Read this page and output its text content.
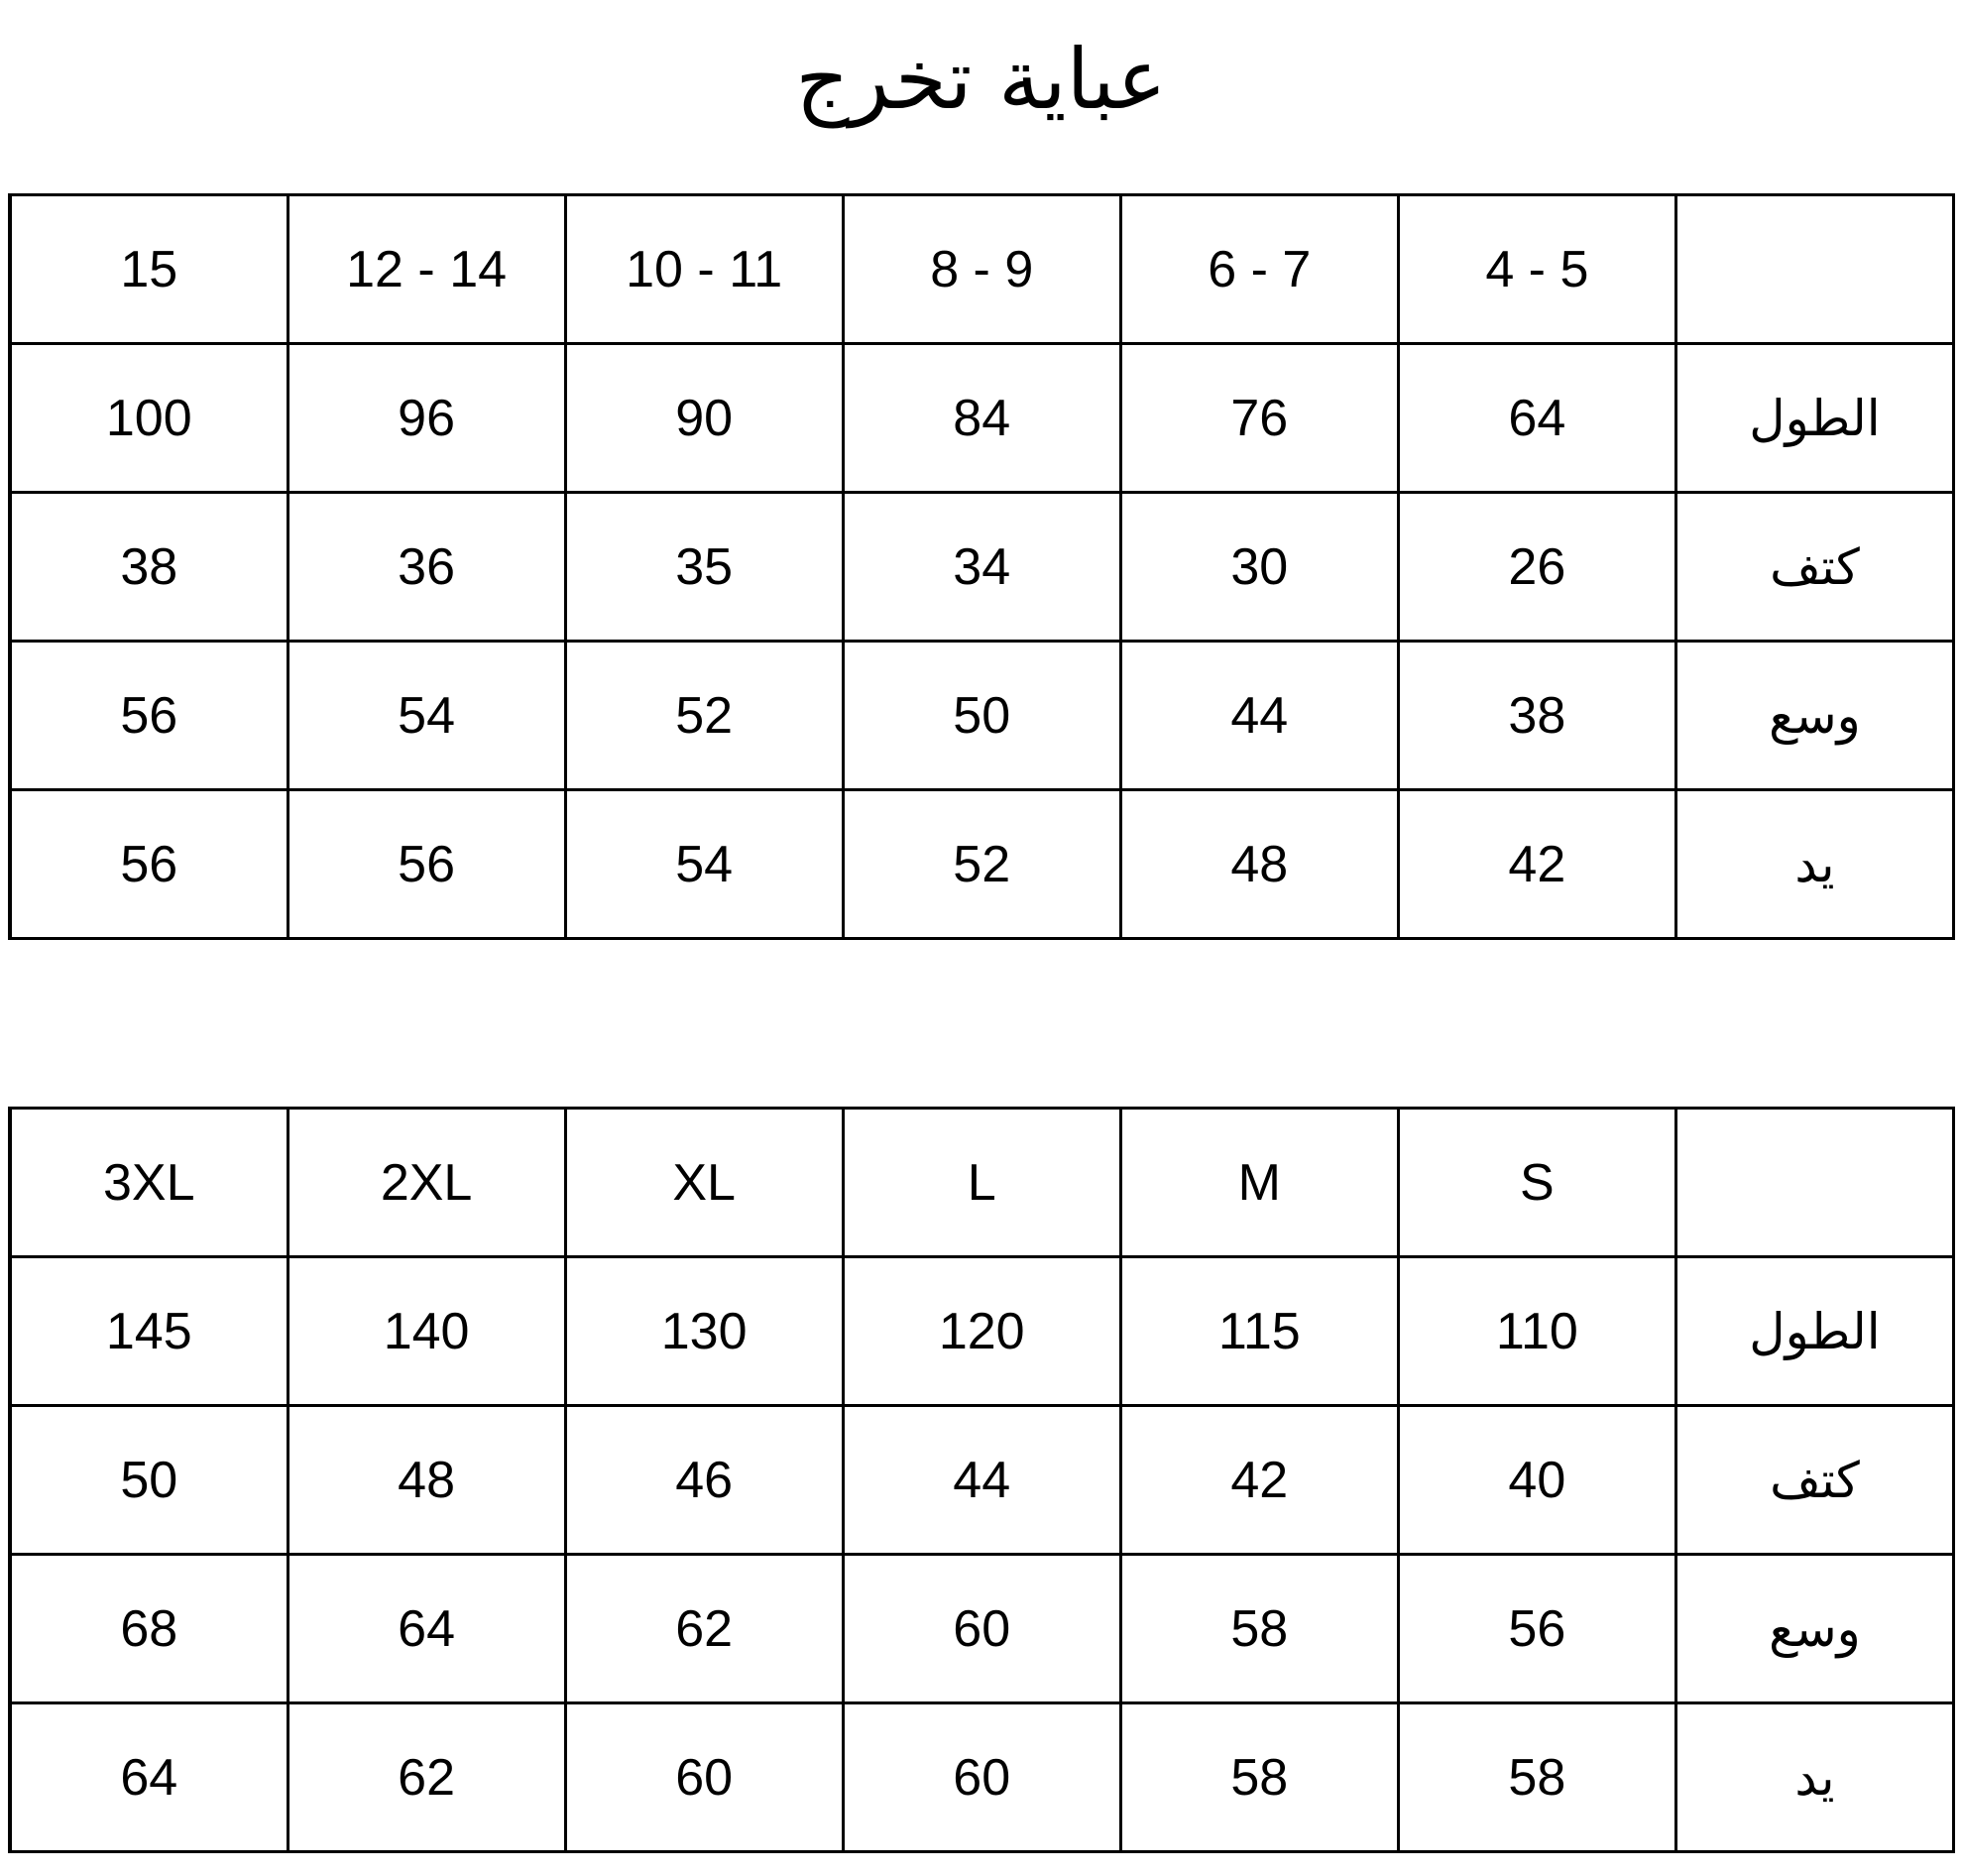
عباية تخرج
15	12 - 14	10 - 11	8 - 9	6 - 7	4 - 5	
100	96	90	84	76	64	الطول
38	36	35	34	30	26	كتف
56	54	52	50	44	38	وسع
56	56	54	52	48	42	يد
3XL	2XL	XL	L	M	S	
145	140	130	120	115	110	الطول
50	48	46	44	42	40	كتف
68	64	62	60	58	56	وسع
64	62	60	60	58	58	يد
